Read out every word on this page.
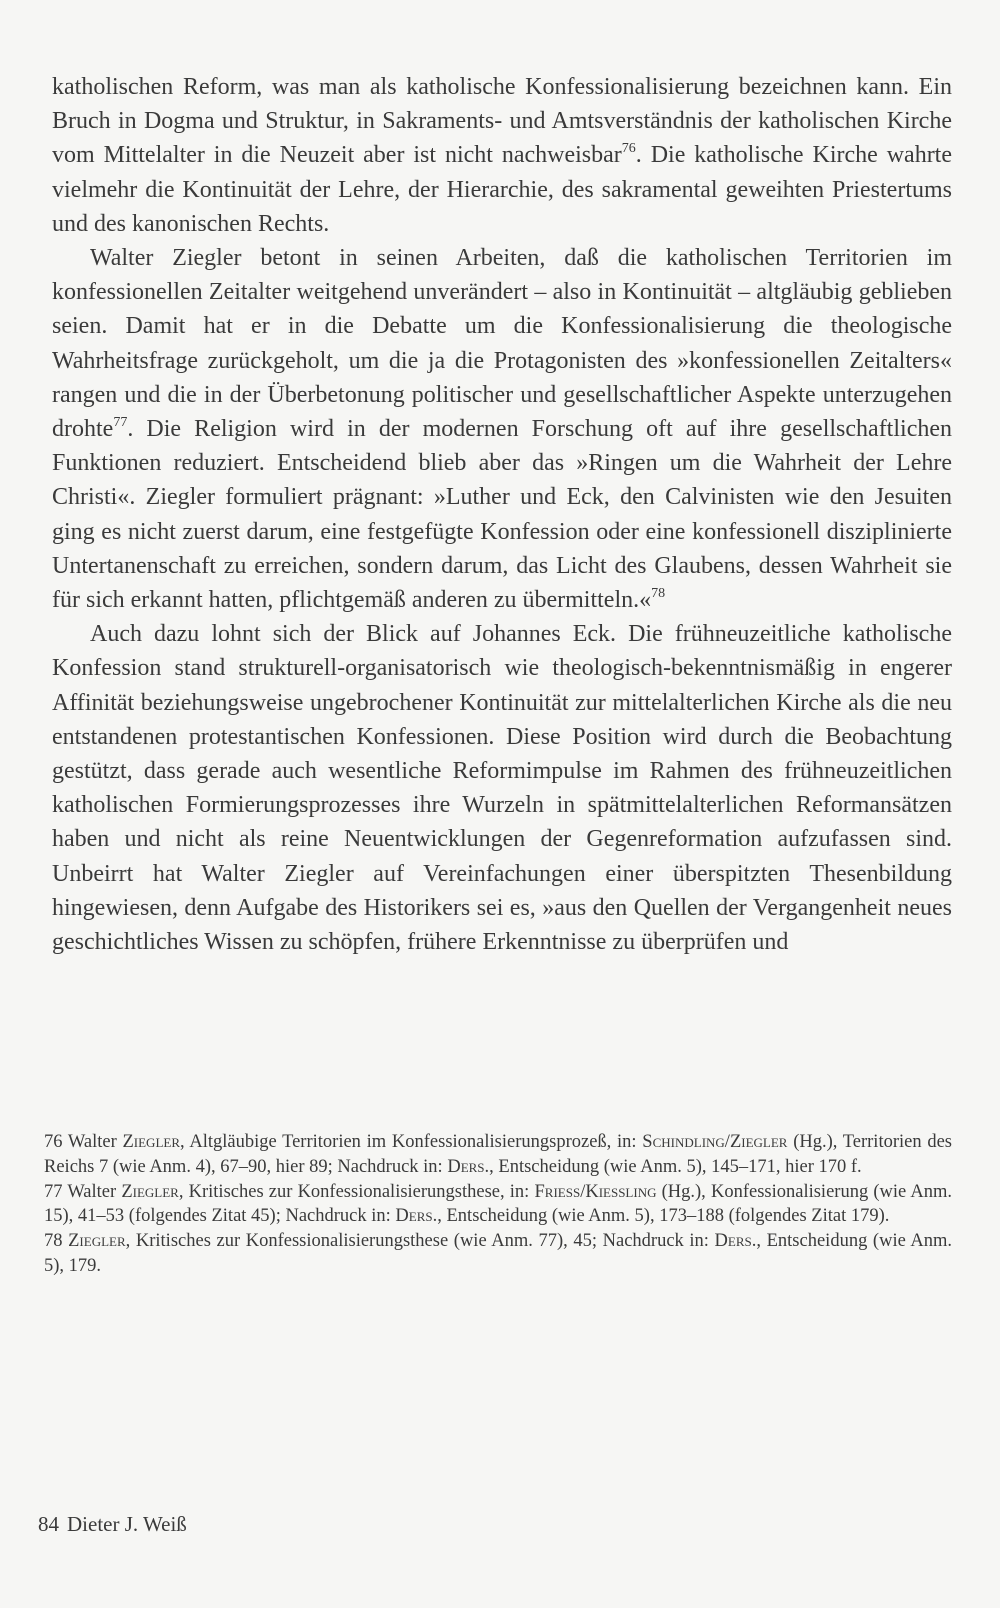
katholischen Reform, was man als katholische Konfessionalisierung bezeichnen kann. Ein Bruch in Dogma und Struktur, in Sakraments- und Amtsverständnis der katholischen Kirche vom Mittelalter in die Neuzeit aber ist nicht nachweisbar$^{76}$. Die katholische Kirche wahrte vielmehr die Kontinuität der Lehre, der Hierarchie, des sakramental geweihten Priestertums und des kanonischen Rechts.

Walter Ziegler betont in seinen Arbeiten, daß die katholischen Territorien im konfessionellen Zeitalter weitgehend unverändert – also in Kontinuität – altgläubig geblieben seien. Damit hat er in die Debatte um die Konfessionalisierung die theologische Wahrheitsfrage zurückgeholt, um die ja die Protagonisten des »konfessionellen Zeitalters« rangen und die in der Überbetonung politischer und gesellschaftlicher Aspekte unterzugehen drohte$^{77}$. Die Religion wird in der modernen Forschung oft auf ihre gesellschaftlichen Funktionen reduziert. Entscheidend blieb aber das »Ringen um die Wahrheit der Lehre Christi«. Ziegler formuliert prägnant: »Luther und Eck, den Calvinisten wie den Jesuiten ging es nicht zuerst darum, eine festgefügte Konfession oder eine konfessionell disziplinierte Untertanenschaft zu erreichen, sondern darum, das Licht des Glaubens, dessen Wahrheit sie für sich erkannt hatten, pflichtgemäß anderen zu übermitteln.«$^{78}$

Auch dazu lohnt sich der Blick auf Johannes Eck. Die frühneuzeitliche katholische Konfession stand strukturell-organisatorisch wie theologisch-bekenntnismäßig in engerer Affinität beziehungsweise ungebrochener Kontinuität zur mittelalterlichen Kirche als die neu entstandenen protestantischen Konfessionen. Diese Position wird durch die Beobachtung gestützt, dass gerade auch wesentliche Reformimpulse im Rahmen des frühneuzeitlichen katholischen Formierungsprozesses ihre Wurzeln in spätmittelalterlichen Reformansätzen haben und nicht als reine Neuentwicklungen der Gegenreformation aufzufassen sind. Unbeirrt hat Walter Ziegler auf Vereinfachungen einer überspitzten Thesenbildung hingewiesen, denn Aufgabe des Historikers sei es, »aus den Quellen der Vergangenheit neues geschichtliches Wissen zu schöpfen, frühere Erkenntnisse zu überprüfen und

76 Walter Ziegler, Altgläubige Territorien im Konfessionalisierungsprozeß, in: Schindling/Ziegler (Hg.), Territorien des Reichs 7 (wie Anm. 4), 67–90, hier 89; Nachdruck in: Ders., Entscheidung (wie Anm. 5), 145–171, hier 170 f.

77 Walter Ziegler, Kritisches zur Konfessionalisierungsthese, in: Friess/Kiessling (Hg.), Konfessionalisierung (wie Anm. 15), 41–53 (folgendes Zitat 45); Nachdruck in: Ders., Entscheidung (wie Anm. 5), 173–188 (folgendes Zitat 179).

78 Ziegler, Kritisches zur Konfessionalisierungsthese (wie Anm. 77), 45; Nachdruck in: Ders., Entscheidung (wie Anm. 5), 179.

84 Dieter J. Weiß
